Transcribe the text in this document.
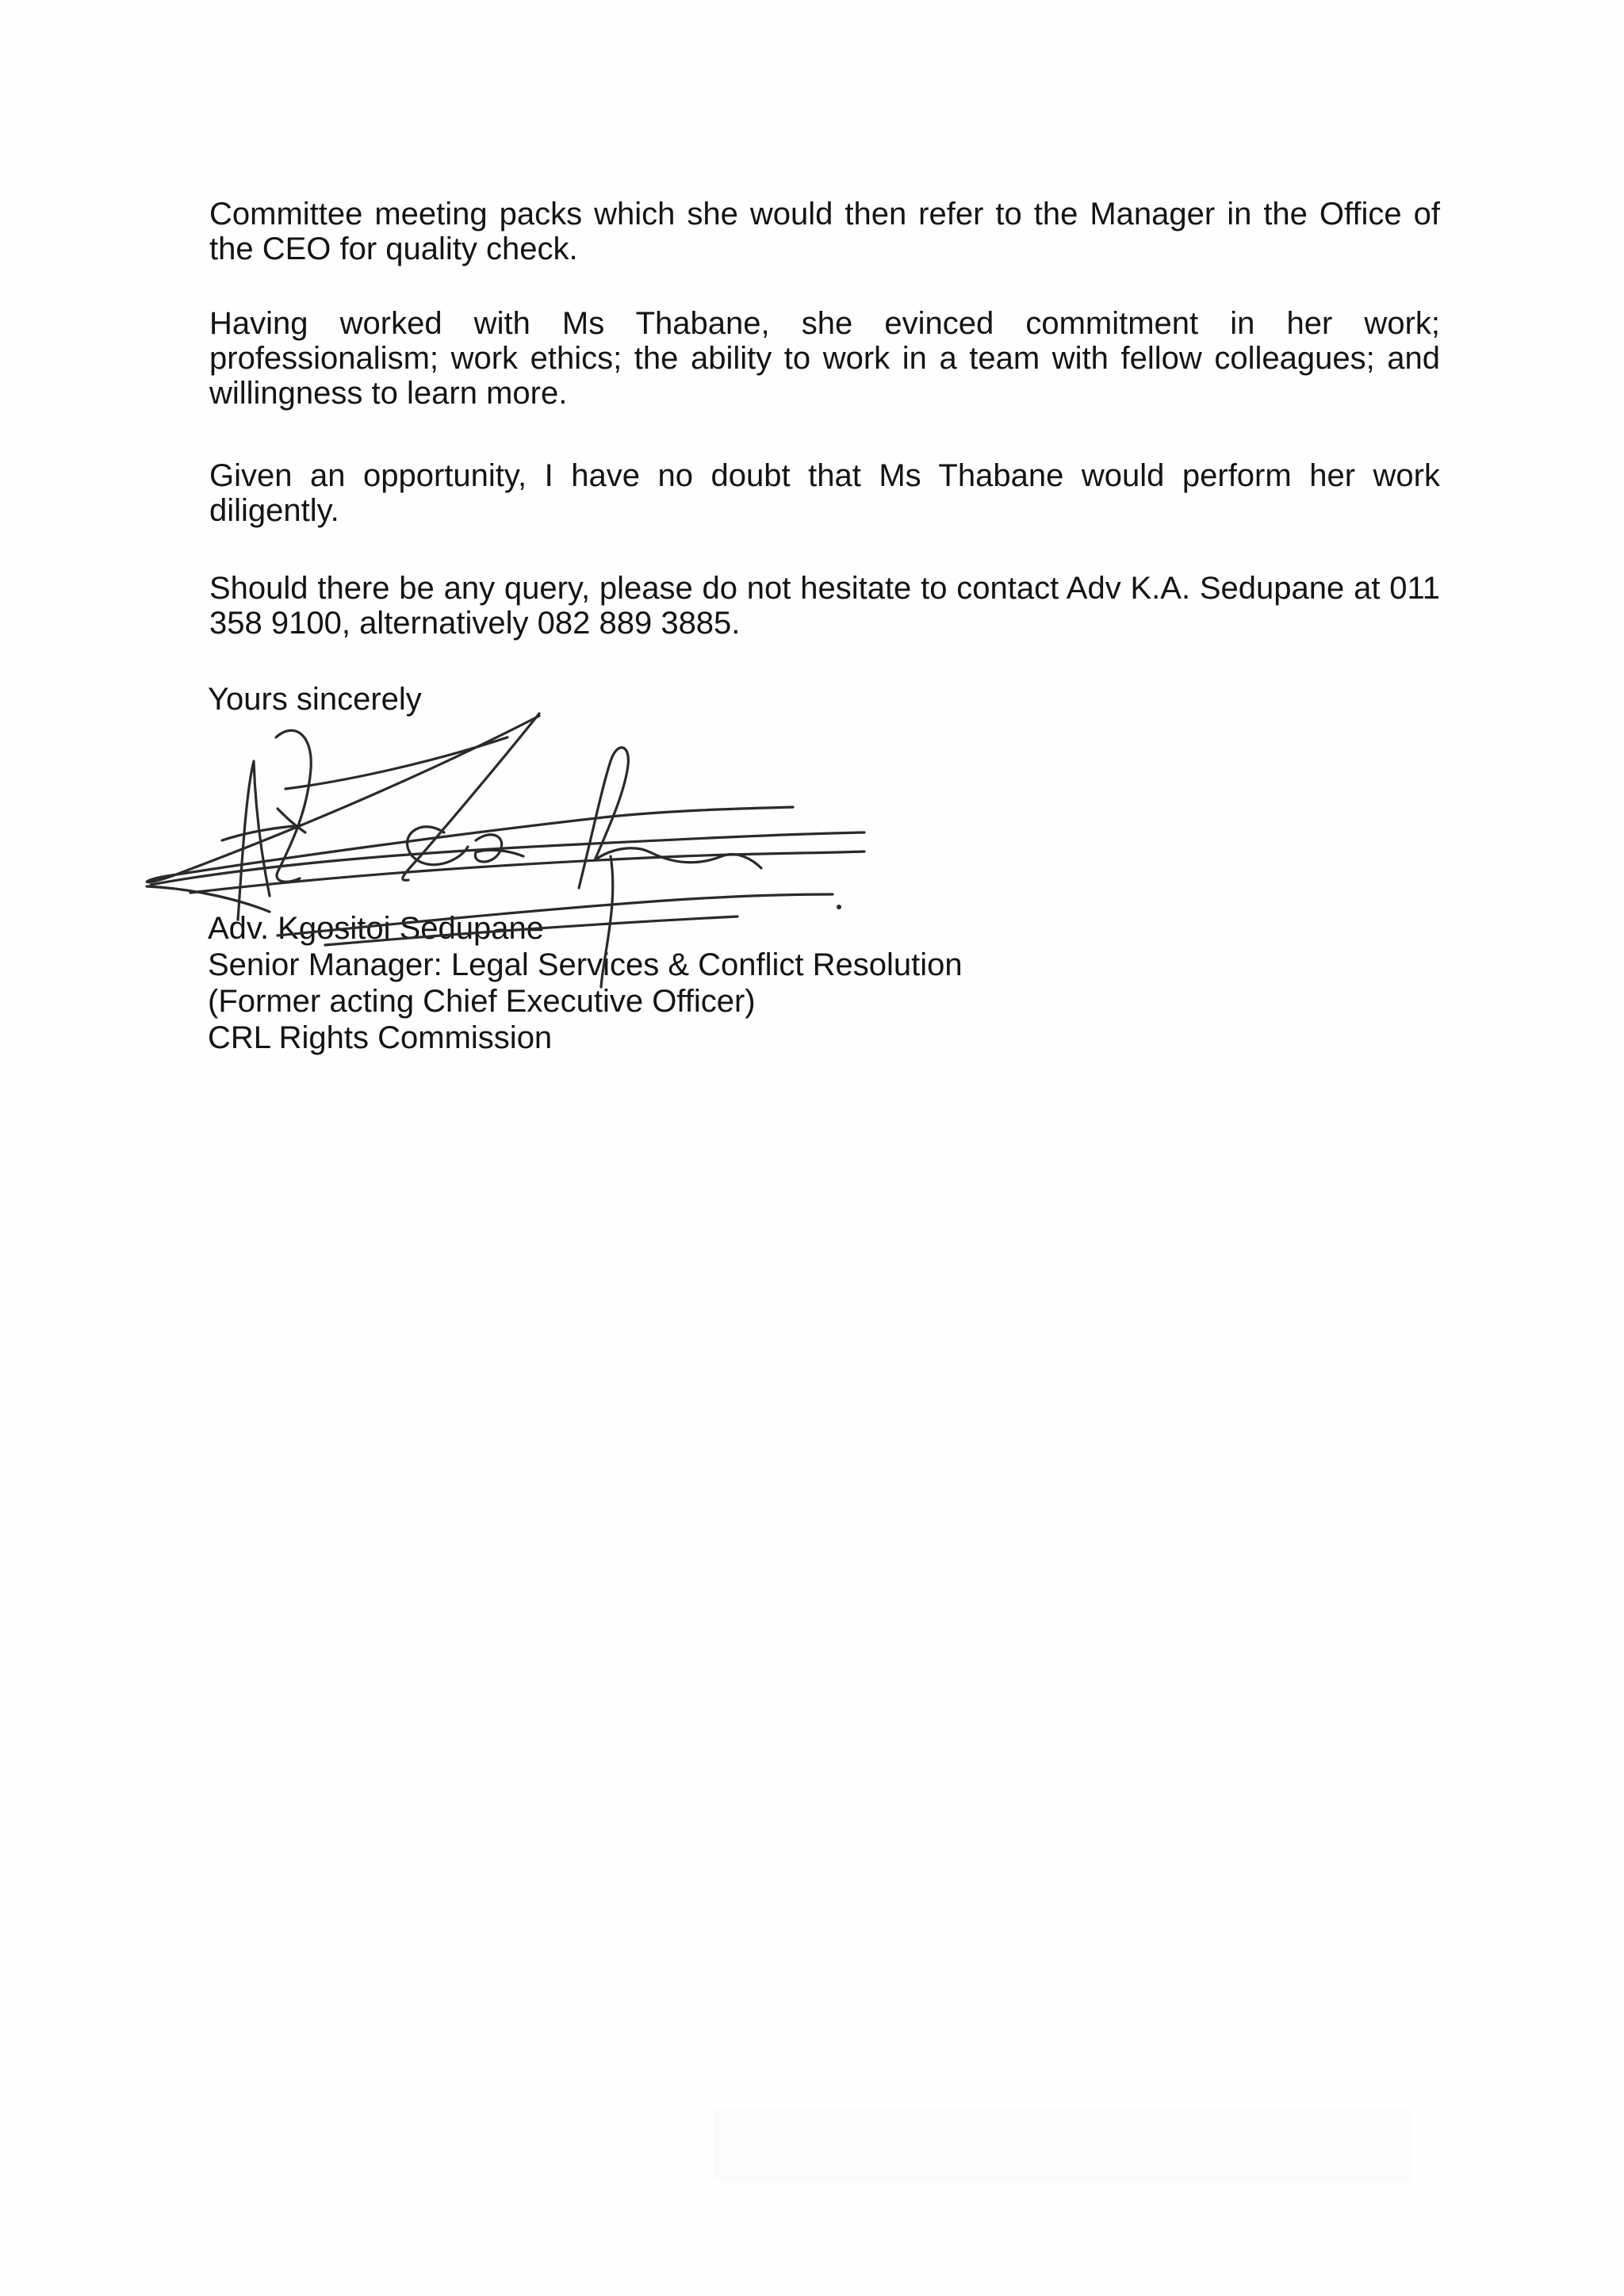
Committee meeting packs which she would then refer to the Manager in the Office of the CEO for quality check.

Having worked with Ms Thabane, she evinced commitment in her work; professionalism; work ethics; the ability to work in a team with fellow colleagues; and willingness to learn more.

Given an opportunity, I have no doubt that Ms Thabane would perform her work diligently.

Should there be any query, please do not hesitate to contact Adv K.A. Sedupane at 011 358 9100, alternatively 082 889 3885.

Yours sincerely

Adv. Kgositoi Sedupane
Senior Manager: Legal Services & Conflict Resolution
(Former acting Chief Executive Officer)
CRL Rights Commission
